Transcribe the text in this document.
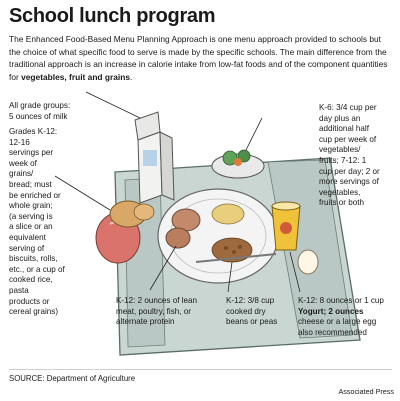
School lunch program
The Enhanced Food-Based Menu Planning Approach is one menu approach provided to schools but the choice of what specific food to serve is made by the specific schools. The main difference from the traditional approach is an increase in calorie intake from low-fat foods and of the component quantities for vegetables, fruit and grains.
All grade groups:
5 ounces of milk
Grades K-12:
12-16
servings per
week of
grains/
bread; must
be enriched or
whole grain;
(a serving is
a slice or an
equivalent
serving of
biscuits, rolls,
etc., or a cup of
cooked rice,
pasta
products or
cereal grains)
K-6: 3/4 cup per
day plus an
additional half
cup per week of
vegetables/
fruits; 7-12: 1
cup per day; 2 or
more servings of
vegetables,
fruits or both
K-12: 2 ounces of lean
meat, poultry, fish, or
alternate protein
K-12: 3/8 cup
cooked dry
beans or peas
K-12: 8 ounces or 1 cup
Yogurt; 2 ounces
cheese or a large egg
also recommended
SOURCE: Department of Agriculture
Associated Press
